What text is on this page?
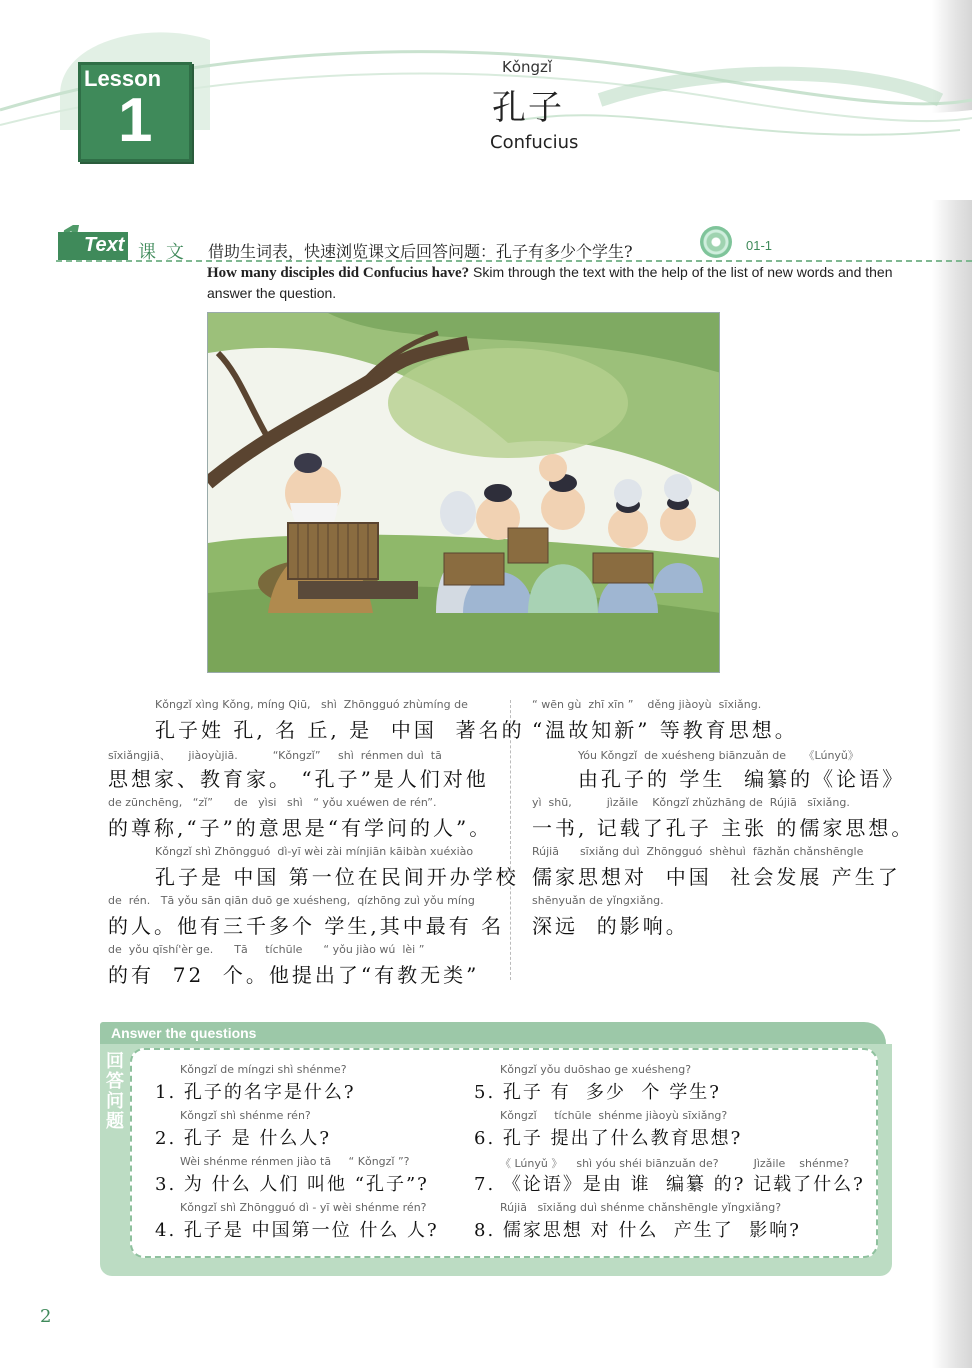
Lesson
1
Kǒngzǐ
孔子
Confucius
Text 课文 借助生词表，快速浏览课文后回答问题：孔子有多少个学生?	01-1
How many disciples did Confucius have? Skim through the text with the help of the list of new words and then answer the question.
Kǒngzǐ xìng Kǒng, míng Qiū,   shì  Zhōngguó zhùmíng de
孔子姓 孔, 名 丘, 是  中国  著名的
sīxiǎngjiā、     jiàoyùjiā.          “Kǒngzǐ”     shì  rénmen duì  tā
思想家、教育家。 “孔子”是人们对他
de zūnchēng,   “zǐ”      de   yìsi   shì   “ yǒu xuéwen de rén”.
的尊称,“子”的意思是“有学问的人”。
Kǒngzǐ shì Zhōngguó  dì-yī wèi zài mínjiān kāibàn xuéxiào
孔子是 中国 第一位在民间开办学校
de  rén.   Tā yǒu sān qiān duō ge xuésheng,  qízhōng zuì yǒu míng
的人。他有三千多个 学生,其中最有 名
de  yǒu qīshí'èr ge.      Tā     tíchūle      “ yǒu jiào wú  lèi ”
的有  72  个。他提出了“有教无类”
“ wēn gù  zhī xīn ”    děng jiàoyù  sīxiǎng.
“温故知新” 等教育思想。
Yóu Kǒngzǐ  de xuésheng biānzuǎn de     《Lúnyǔ》
由孔子的 学生  编纂的《论语》
yì  shū,          jìzǎile    Kǒngzǐ zhǔzhāng de  Rújiā   sīxiǎng.
一书, 记载了孔子 主张 的儒家思想。
Rújiā      sīxiǎng duì  Zhōngguó  shèhuì  fāzhǎn chǎnshēngle
儒家思想对  中国  社会发展 产生了
shēnyuǎn de yǐngxiǎng.
深远  的影响。
Answer the questions
回答问题
Kǒngzǐ de míngzi shì shénme?
1. 孔子的名字是什么?
Kǒngzǐ shì shénme rén?
2. 孔子 是 什么人?
Wèi shénme rénmen jiào tā     “ Kǒngzǐ ”?
3. 为 什么 人们 叫他 “孔子”?
Kǒngzǐ shì Zhōngguó dì - yī wèi shénme rén?
4. 孔子是 中国第一位 什么 人?
Kǒngzǐ yǒu duōshao ge xuésheng?
5. 孔子 有  多少  个 学生?
Kǒngzǐ     tíchūle  shénme jiàoyù sīxiǎng?
6. 孔子 提出了什么教育思想?
《 Lúnyǔ 》    shì yóu shéi biānzuǎn de?          Jìzǎile    shénme?
7. 《论语》是由 谁  编纂 的? 记载了什么?
Rújiā   sīxiǎng duì shénme chǎnshēngle yǐngxiǎng?
8. 儒家思想 对 什么  产生了  影响?
2
